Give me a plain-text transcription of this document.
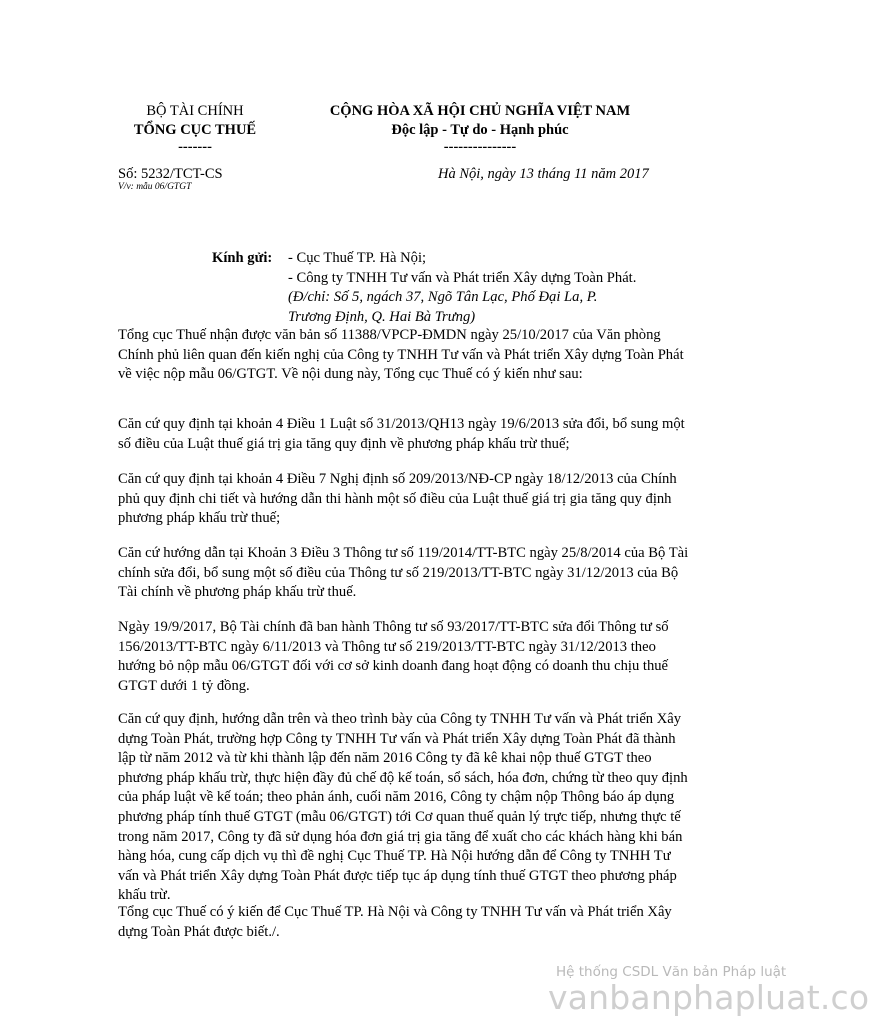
BỘ TÀI CHÍNH
TỔNG CỤC THUẾ
-------
CỘNG HÒA XÃ HỘI CHỦ NGHĨA VIỆT NAM
Độc lập - Tự do - Hạnh phúc
---------------
Số: 5232/TCT-CS
V/v: mẫu 06/GTGT
Hà Nội, ngày 13 tháng 11 năm 2017
Kính gửi: - Cục Thuế TP. Hà Nội;
- Công ty TNHH Tư vấn và Phát triển Xây dựng Toàn Phát.
(Đ/chỉ: Số 5, ngách 37, Ngõ Tân Lạc, Phố Đại La, P.
Trương Định, Q. Hai Bà Trưng)

Tổng cục Thuế nhận được văn bản số 11388/VPCP-ĐMDN ngày 25/10/2017 của Văn phòng Chính phủ liên quan đến kiến nghị của Công ty TNHH Tư vấn và Phát triển Xây dựng Toàn Phát về việc nộp mẫu 06/GTGT. Về nội dung này, Tổng cục Thuế có ý kiến như sau:

Căn cứ quy định tại khoản 4 Điều 1 Luật số 31/2013/QH13 ngày 19/6/2013 sửa đổi, bổ sung một số điều của Luật thuế giá trị gia tăng quy định về phương pháp khấu trừ thuế;

Căn cứ quy định tại khoản 4 Điều 7 Nghị định số 209/2013/NĐ-CP ngày 18/12/2013 của Chính phủ quy định chi tiết và hướng dẫn thi hành một số điều của Luật thuế giá trị gia tăng quy định phương pháp khấu trừ thuế;

Căn cứ hướng dẫn tại Khoản 3 Điều 3 Thông tư số 119/2014/TT-BTC ngày 25/8/2014 của Bộ Tài chính sửa đổi, bổ sung một số điều của Thông tư số 219/2013/TT-BTC ngày 31/12/2013 của Bộ Tài chính về phương pháp khấu trừ thuế.

Ngày 19/9/2017, Bộ Tài chính đã ban hành Thông tư số 93/2017/TT-BTC sửa đổi Thông tư số 156/2013/TT-BTC ngày 6/11/2013 và Thông tư số 219/2013/TT-BTC ngày 31/12/2013 theo hướng bỏ nộp mẫu 06/GTGT đối với cơ sở kinh doanh đang hoạt động có doanh thu chịu thuế GTGT dưới 1 tỷ đồng.

Căn cứ quy định, hướng dẫn trên và theo trình bày của Công ty TNHH Tư vấn và Phát triển Xây dựng Toàn Phát, trường hợp Công ty TNHH Tư vấn và Phát triển Xây dựng Toàn Phát đã thành lập từ năm 2012 và từ khi thành lập đến năm 2016 Công ty đã kê khai nộp thuế GTGT theo phương pháp khấu trừ, thực hiện đầy đủ chế độ kế toán, sổ sách, hóa đơn, chứng từ theo quy định của pháp luật về kế toán; theo phản ánh, cuối năm 2016, Công ty chậm nộp Thông báo áp dụng phương pháp tính thuế GTGT (mẫu 06/GTGT) tới Cơ quan thuế quản lý trực tiếp, nhưng thực tế trong năm 2017, Công ty đã sử dụng hóa đơn giá trị gia tăng để xuất cho các khách hàng khi bán hàng hóa, cung cấp dịch vụ thì đề nghị Cục Thuế TP. Hà Nội hướng dẫn để Công ty TNHH Tư vấn và Phát triển Xây dựng Toàn Phát được tiếp tục áp dụng tính thuế GTGT theo phương pháp khấu trừ.

Tổng cục Thuế có ý kiến để Cục Thuế TP. Hà Nội và Công ty TNHH Tư vấn và Phát triển Xây dựng Toàn Phát được biết./.

Hệ thống CSDL Văn bản Pháp luật
vanbanphapluat.co
